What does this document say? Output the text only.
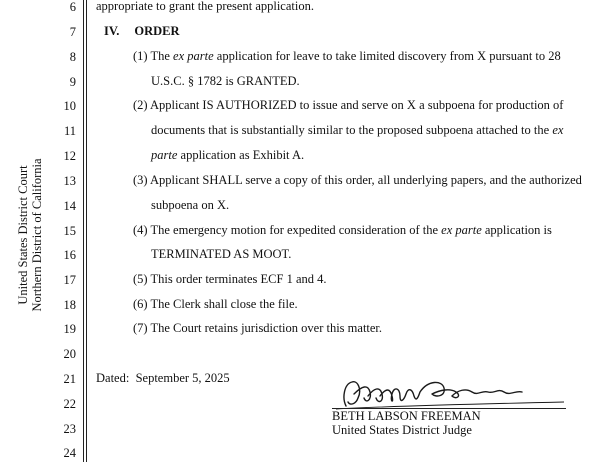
United States District Court Northern District of California
6
7
8
9
10
11
12
13
14
15
16
17
18
19
20
21
22
23
24
appropriate to grant the present application.
IV. ORDER
(1) The ex parte application for leave to take limited discovery from X pursuant to 28
U.S.C. § 1782 is GRANTED.
(2) Applicant IS AUTHORIZED to issue and serve on X a subpoena for production of
documents that is substantially similar to the proposed subpoena attached to the ex
parte application as Exhibit A.
(3) Applicant SHALL serve a copy of this order, all underlying papers, and the authorized
subpoena on X.
(4) The emergency motion for expedited consideration of the ex parte application is
TERMINATED AS MOOT.
(5) This order terminates ECF 1 and 4.
(6) The Clerk shall close the file.
(7) The Court retains jurisdiction over this matter.
Dated: September 5, 2025
BETH LABSON FREEMAN
United States District Judge
